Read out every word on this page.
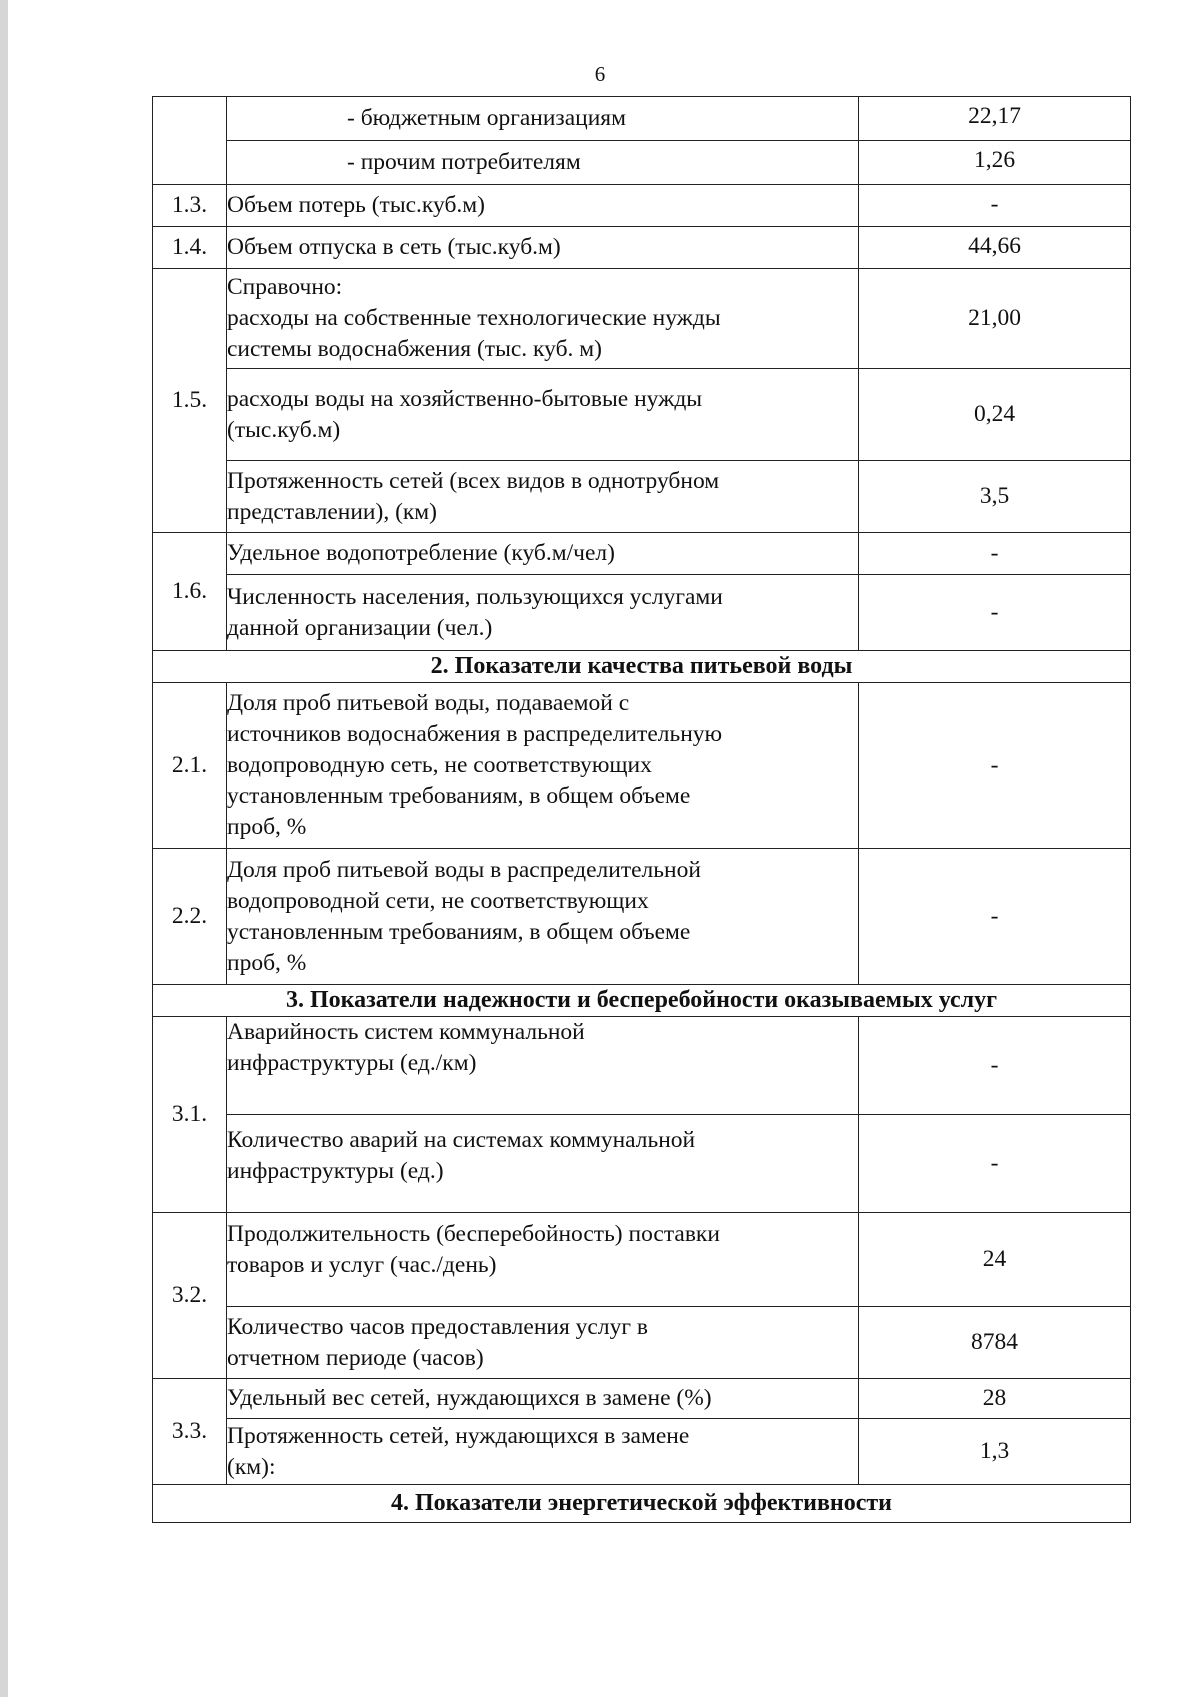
6

	- бюджетным организациям	22,17

	- прочим потребителям	1,26
1.3.	Объем потерь (тыс.куб.м)	-
1.4.	Объем отпуска в сеть (тыс.куб.м)	44,66
1.5.	Справочно:
расходы на собственные технологические нужды
системы водоснабжения (тыс. куб. м)	21,00

	расходы воды на хозяйственно-бытовые нужды
(тыс.куб.м)	0,24

	Протяженность сетей (всех видов в однотрубном
представлении), (км)	3,5
1.6.	Удельное водопотребление (куб.м/чел)	-

	Численность населения, пользующихся услугами
данной организации (чел.)	-
2. Показатели качества питьевой воды		
2.1.	Доля проб питьевой воды, подаваемой с
источников водоснабжения в распределительную
водопроводную сеть, не соответствующих
установленным требованиям, в общем объеме
проб, %	-
2.2.	Доля проб питьевой воды в распределительной
водопроводной сети, не соответствующих
установленным требованиям, в общем объеме
проб, %	-
3. Показатели надежности и бесперебойности оказываемых услуг		
3.1.	Аварийность систем коммунальной
инфраструктуры (ед./км)	-

	Количество аварий на системах коммунальной
инфраструктуры (ед.)	-
3.2.	Продолжительность (бесперебойность) поставки
товаров и услуг (час./день)	24

	Количество часов предоставления услуг в
отчетном периоде (часов)	8784
3.3.	Удельный вес сетей, нуждающихся в замене (%)	28

	Протяженность сетей, нуждающихся в замене
(км):	1,3
4. Показатели энергетической эффективности		
